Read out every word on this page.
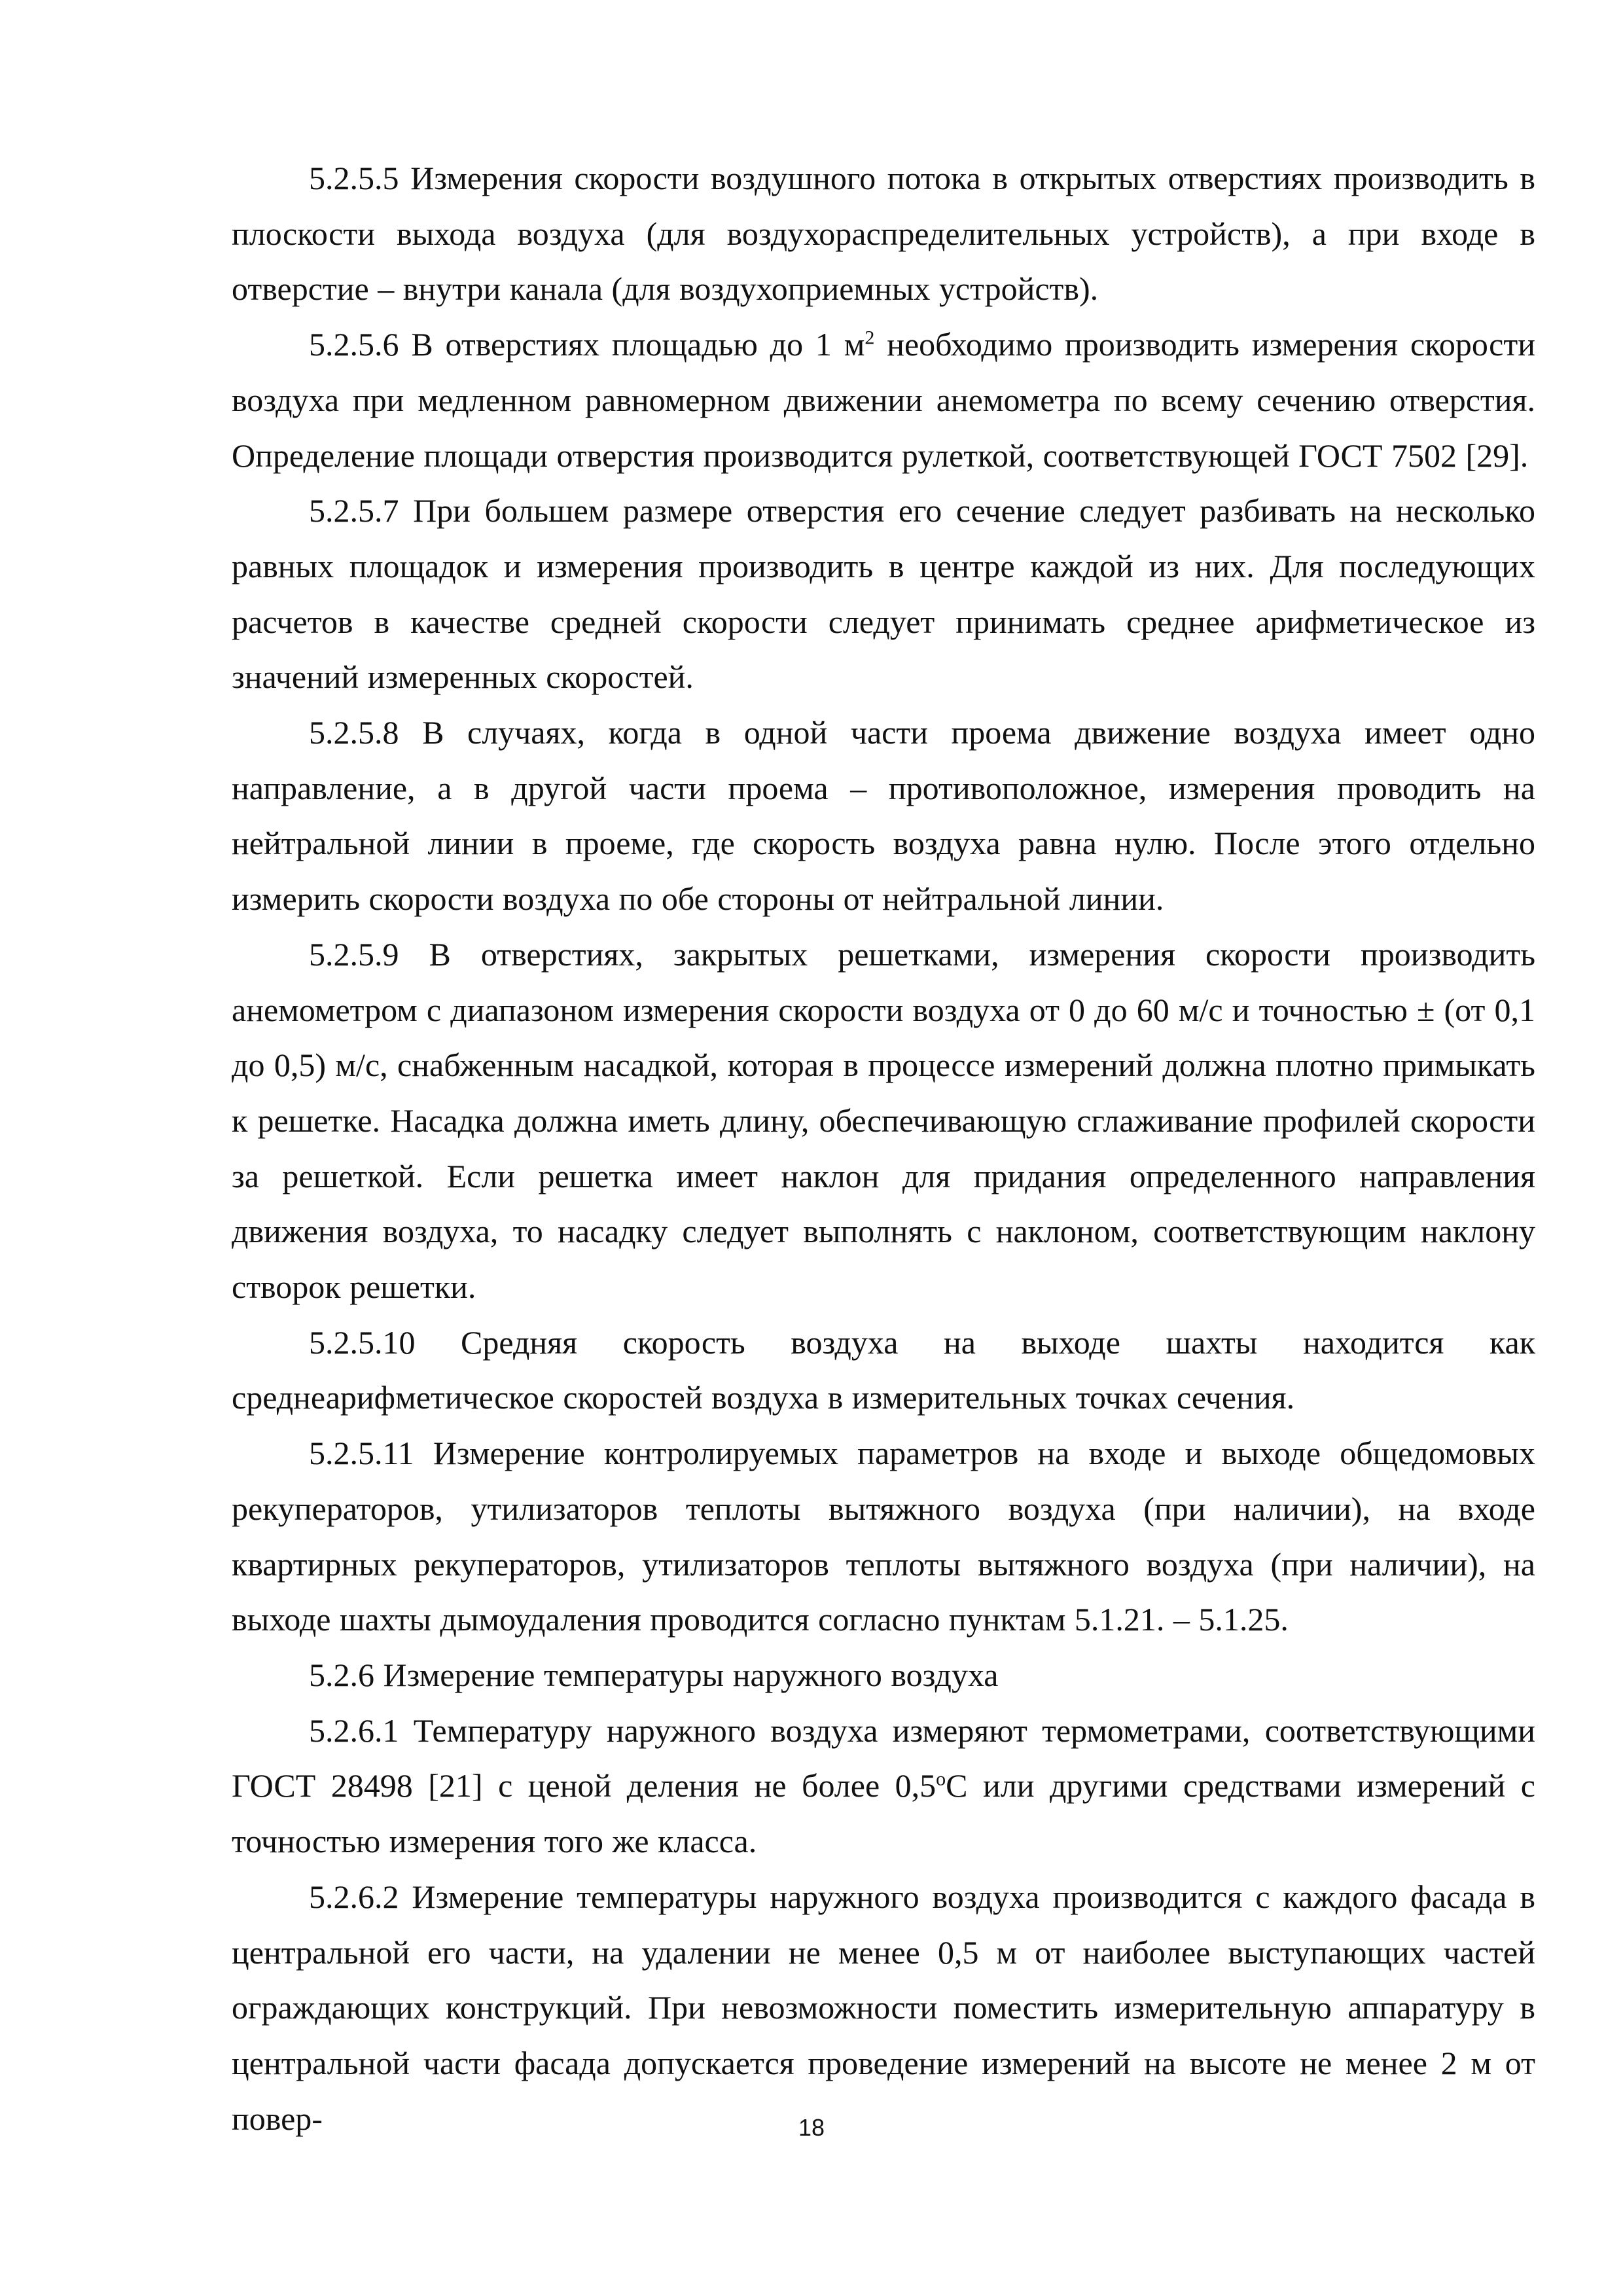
5.2.5.5 Измерения скорости воздушного потока в открытых отверстиях производить в плоскости выхода воздуха (для воздухораспределительных устройств), а при входе в отверстие – внутри канала (для воздухоприемных устройств).

5.2.5.6 В отверстиях площадью до 1 $м^2$ необходимо производить измерения скорости воздуха при медленном равномерном движении анемометра по всему сечению отверстия. Определение площади отверстия производится рулеткой, соответствующей ГОСТ 7502 [29].

5.2.5.7 При большем размере отверстия его сечение следует разбивать на несколько равных площадок и измерения производить в центре каждой из них. Для последующих расчетов в качестве средней скорости следует принимать среднее арифметическое из значений измеренных скоростей.

5.2.5.8 В случаях, когда в одной части проема движение воздуха имеет одно направление, а в другой части проема – противоположное, измерения проводить на нейтральной линии в проеме, где скорость воздуха равна нулю. После этого отдельно измерить скорости воздуха по обе стороны от нейтральной линии.

5.2.5.9 В отверстиях, закрытых решетками, измерения скорости производить анемометром с диапазоном измерения скорости воздуха от 0 до 60 м/с и точностью ± (от 0,1 до 0,5) м/с, снабженным насадкой, которая в процессе измерений должна плотно примыкать к решетке. Насадка должна иметь длину, обеспечивающую сглаживание профилей скорости за решеткой. Если решетка имеет наклон для придания определенного направления движения воздуха, то насадку следует выполнять с наклоном, соответствующим наклону створок решетки.

5.2.5.10 Средняя скорость воздуха на выходе шахты находится как среднеарифметическое скоростей воздуха в измерительных точках сечения.

5.2.5.11 Измерение контролируемых параметров на входе и выходе общедомовых рекуператоров, утилизаторов теплоты вытяжного воздуха (при наличии), на входе квартирных рекуператоров, утилизаторов теплоты вытяжного воздуха (при наличии), на выходе шахты дымоудаления проводится согласно пунктам 5.1.21. – 5.1.25.

5.2.6 Измерение температуры наружного воздуха

5.2.6.1 Температуру наружного воздуха измеряют термометрами, соответствующими ГОСТ 28498 [21] с ценой деления не более $0,5^оС$ или другими средствами измерений с точностью измерения того же класса.

5.2.6.2 Измерение температуры наружного воздуха производится с каждого фасада в центральной его части, на удалении не менее 0,5 м от наиболее выступающих частей ограждающих конструкций. При невозможности поместить измерительную аппаратуру в центральной части фасада допускается проведение измерений на высоте не менее 2 м от повер-	18
